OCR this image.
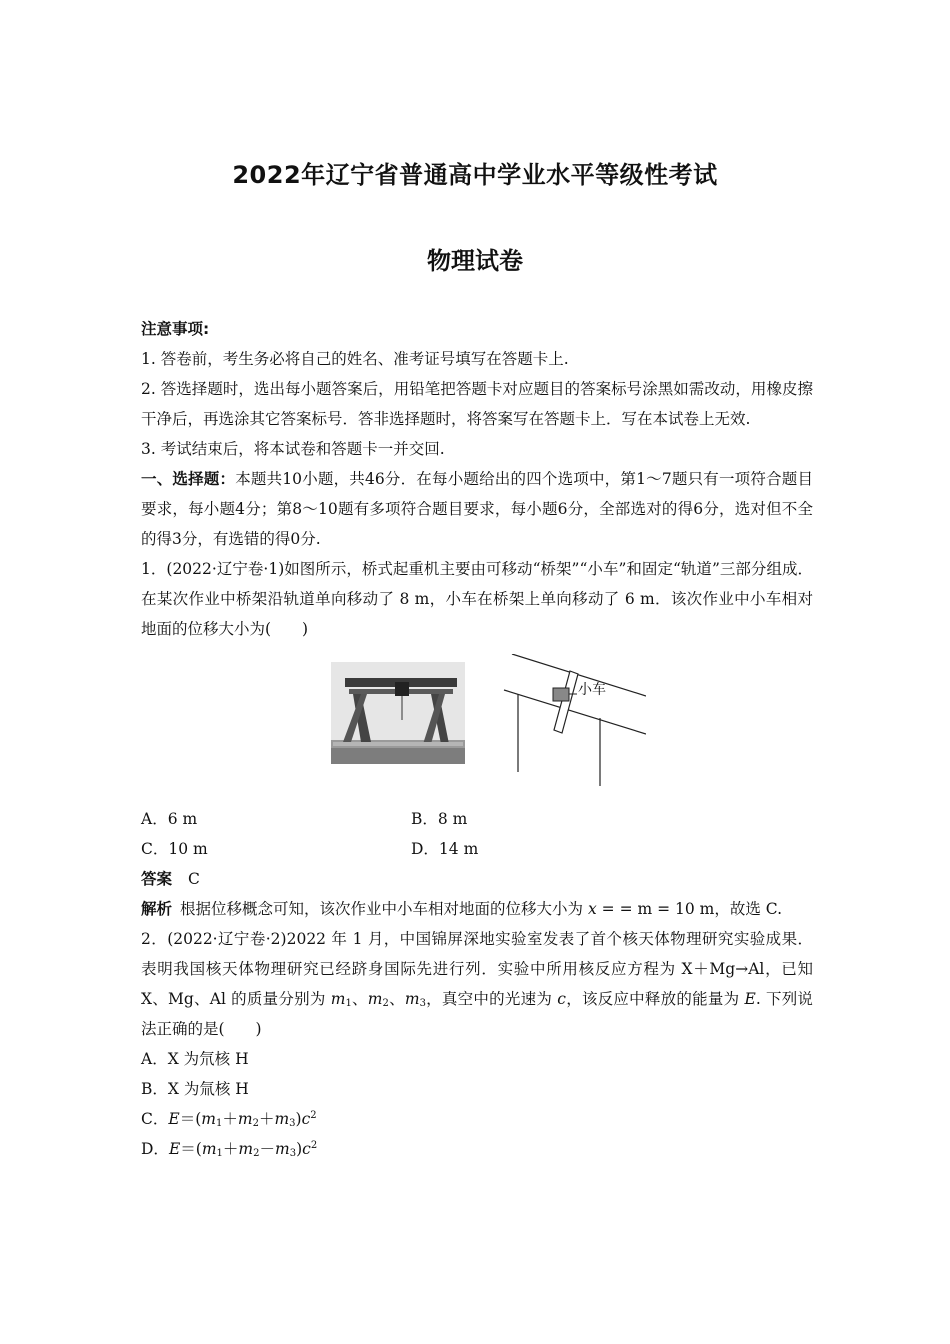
2022年辽宁省普通高中学业水平等级性考试
物理试卷

注意事项:

1. 答卷前，考生务必将自己的姓名、准考证号填写在答题卡上.

2. 答选择题时，选出每小题答案后，用铅笔把答题卡对应题目的答案标号涂黑如需改动，用橡皮擦干净后，再选涂其它答案标号．答非选择题时，将答案写在答题卡上．写在本试卷上无效.

3. 考试结束后，将本试卷和答题卡一并交回.

一、选择题：本题共10小题，共46分．在每小题给出的四个选项中，第1～7题只有一项符合题目要求，每小题4分；第8～10题有多项符合题目要求，每小题6分，全部选对的得6分，选对但不全的得3分，有选错的得0分.

1．(2022·辽宁卷·1)如图所示，桥式起重机主要由可移动“桥架”“小车”和固定“轨道”三部分组成．在某次作业中桥架沿轨道单向移动了 8 m，小车在桥架上单向移动了 6 m．该次作业中小车相对地面的位移大小为(　　)

小车
A．6 m	B．8 m
C．10 m	D．14 m

答案 C

解析 根据位移概念可知，该次作业中小车相对地面的位移大小为 x = = m = 10 m，故选 C.

2．(2022·辽宁卷·2)2022 年 1 月，中国锦屏深地实验室发表了首个核天体物理研究实验成果．表明我国核天体物理研究已经跻身国际先进行列．实验中所用核反应方程为 X＋Mg→Al，已知 X、Mg、Al 的质量分别为 $m_1$、$m_2$、$m_3$，真空中的光速为 c，该反应中释放的能量为 E. 下列说法正确的是(　　)

A．X 为氘核 H

B．X 为氚核 H

C．$E=(m_1+m_2+m_3)c^2$

D．$E=(m_1+m_2-m_3)c^2$
